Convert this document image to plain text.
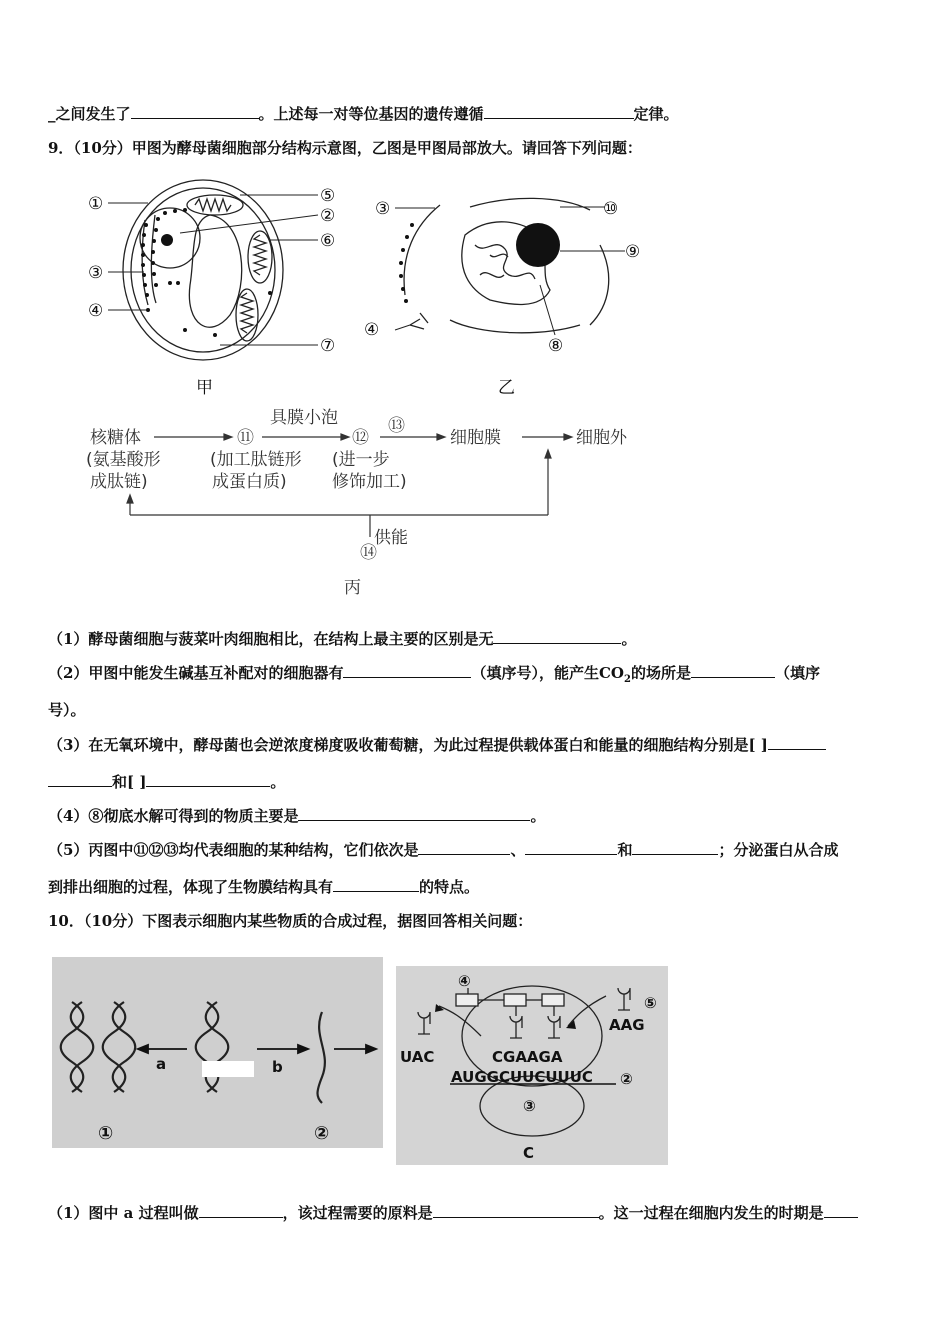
_之间发生了	。上述每一对等位基因的遗传遵循	定律。
9．（10分）甲图为酵母菌细胞部分结构示意图，乙图是甲图局部放大。请回答下列问题：
①	⑤
②
⑥
③
④
⑦
甲
③	⑩
⑨
④
⑧
乙
核糖体
(氨基酸形
成肽链)
⑪
(加工肽链形
成蛋白质)
具膜小泡
⑫
⑬
(进一步
修饰加工)
细胞膜	细胞外
供能
⑭
丙
（1）酵母菌细胞与菠菜叶肉细胞相比，在结构上最主要的区别是无	。
（2）甲图中能发生碱基互补配对的细胞器有	（填序号），能产生$CO_2$的场所是	（填序
号）。
（3）在无氧环境中，酵母菌也会逆浓度梯度吸收葡萄糖，为此过程提供载体蛋白和能量的细胞结构分别是[ ]
和[ ]	。
（4）⑧彻底水解可得到的物质主要是	。
（5）丙图中⑪⑫⑬均代表细胞的某种结构，它们依次是	、	和	；分泌蛋白从合成
到排出细胞的过程，体现了生物膜结构具有	的特点。
10．（10分）下图表示细胞内某些物质的合成过程，据图回答相关问题：
a	b
①	②
④
⑤
UAC
AAG
CGAAGA
AUGGCUUCUUUC ②
③
C
（1）图中 a 过程叫做	，该过程需要的原料是	。这一过程在细胞内发生的时期是
